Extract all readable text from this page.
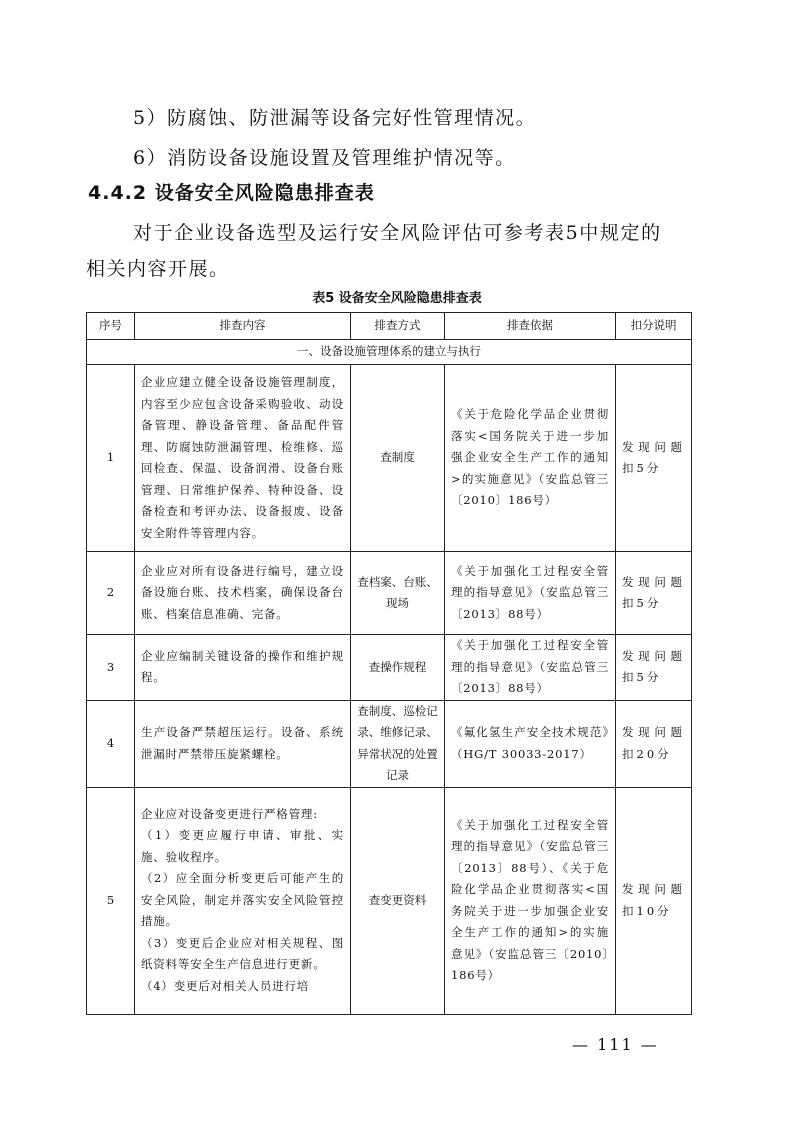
5）防腐蚀、防泄漏等设备完好性管理情况。
6）消防设备设施设置及管理维护情况等。
4.4.2 设备安全风险隐患排查表
对于企业设备选型及运行安全风险评估可参考表5中规定的
相关内容开展。
表5 设备安全风险隐患排查表
序号	排查内容	排查方式	排查依据	扣分说明
一、设备设施管理体系的建立与执行				
1	企业应建立健全设备设施管理制度，内容至少应包含设备采购验收、动设备管理、静设备管理、备品配件管理、防腐蚀防泄漏管理、检维修、巡回检查、保温、设备润滑、设备台账管理、日常维护保养、特种设备、设备检查和考评办法、设备报废、设备安全附件等管理内容。	查制度	《关于危险化学品企业贯彻落实<国务院关于进一步加强企业安全生产工作的通知>的实施意见》（安监总管三〔2010〕186号）	发现问题扣5分
2	企业应对所有设备进行编号，建立设备设施台账、技术档案，确保设备台账、档案信息准确、完备。	查档案、台账、现场	《关于加强化工过程安全管理的指导意见》（安监总管三〔2013〕88号）	发现问题扣5分
3	企业应编制关键设备的操作和维护规程。	查操作规程	《关于加强化工过程安全管理的指导意见》（安监总管三〔2013〕88号）	发现问题扣5分
4	生产设备严禁超压运行。设备、系统泄漏时严禁带压旋紧螺栓。	查制度、巡检记录、维修记录、异常状况的处置记录	《氟化氢生产安全技术规范》（HG/T 30033-2017）	发现问题扣20分
5	企业应对设备变更进行严格管理:
（1）变更应履行申请、审批、实施、验收程序。
（2）应全面分析变更后可能产生的安全风险，制定并落实安全风险管控措施。
（3）变更后企业应对相关规程、图纸资料等安全生产信息进行更新。
（4）变更后对相关人员进行培	查变更资料	《关于加强化工过程安全管理的指导意见》（安监总管三〔2013〕88号）、《关于危险化学品企业贯彻落实<国务院关于进一步加强企业安全生产工作的通知>的实施意见》（安监总管三〔2010〕186号）	发现问题扣10分
— 111 —
